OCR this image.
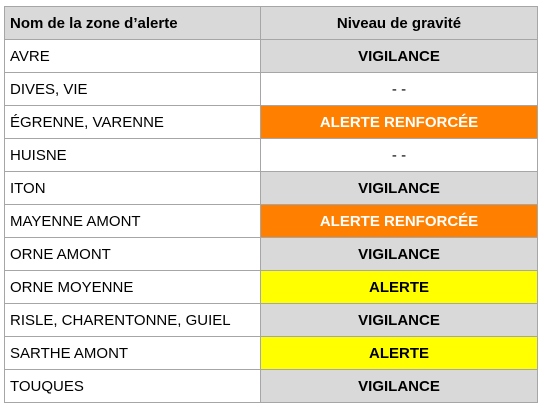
Nom de la zone d’alerte	Niveau de gravité
AVRE	VIGILANCE
DIVES, VIE	- -
ÉGRENNE, VARENNE	ALERTE RENFORCÉE
HUISNE	- -
ITON	VIGILANCE
MAYENNE AMONT	ALERTE RENFORCÉE
ORNE AMONT	VIGILANCE
ORNE MOYENNE	ALERTE
RISLE, CHARENTONNE, GUIEL	VIGILANCE
SARTHE AMONT	ALERTE
TOUQUES	VIGILANCE
